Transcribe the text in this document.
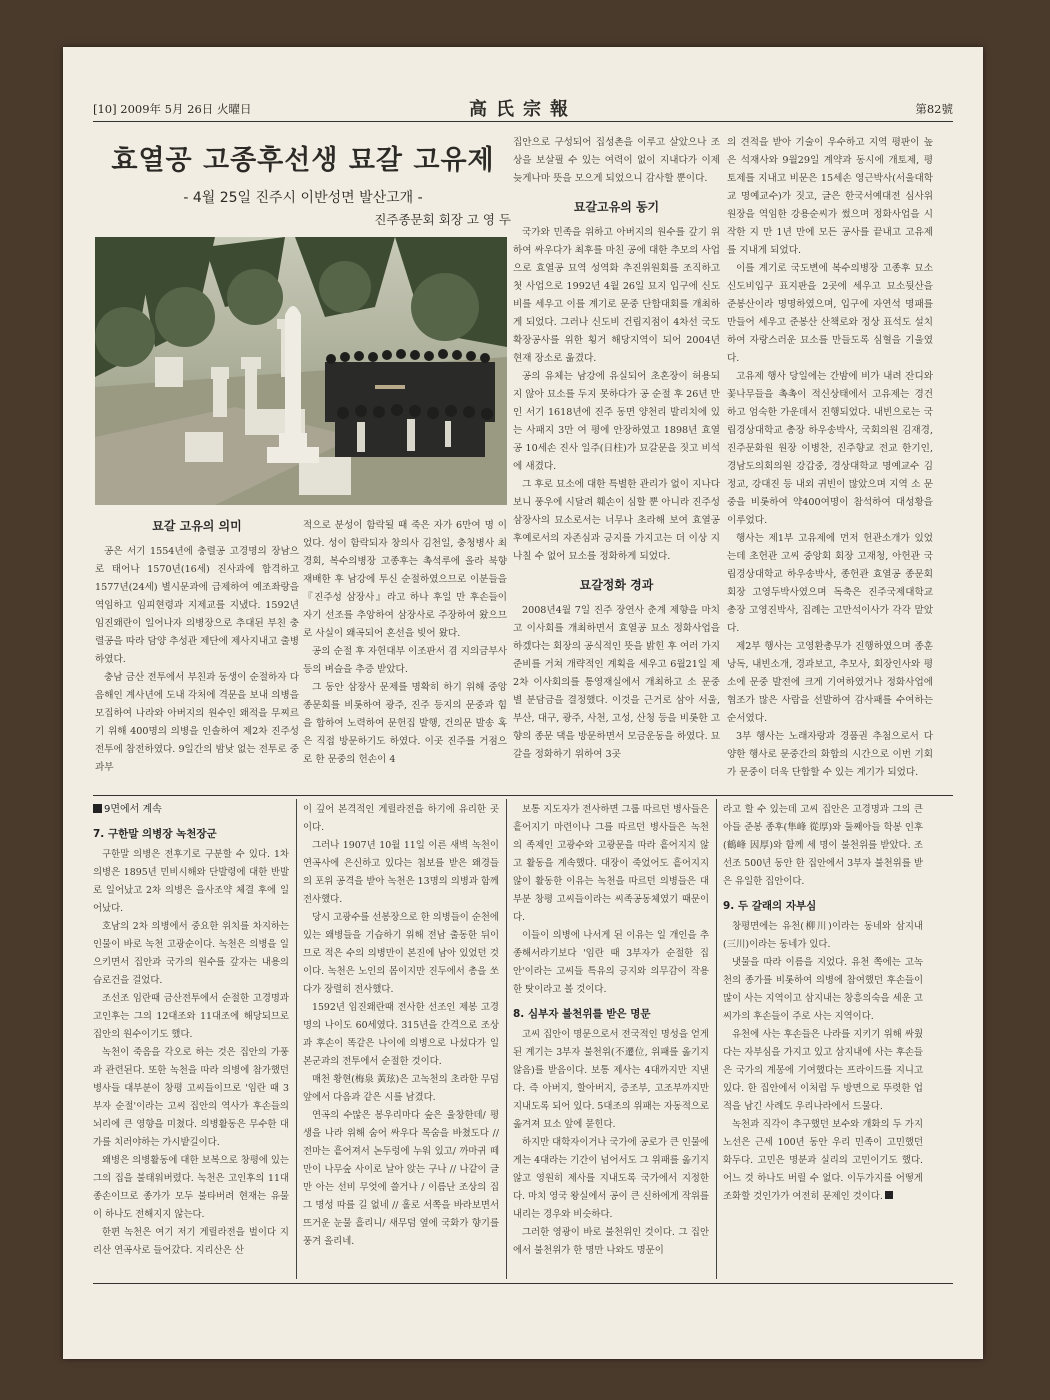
[10] 2009年 5月 26日 火曜日	高氏宗報	第82號
효열공 고종후선생 묘갈 고유제
- 4월 25일 진주시 이반성면 발산고개 -
진주종문회 회장 고 영 두
묘갈 고유의 의미

공은 서기 1554년에 충렬공 고경명의 장남으로 태어나 1570년(16세) 진사과에 합격하고 1577년(24세) 별시문과에 급제하여 예조좌랑을 역임하고 임피현령과 지제교를 지냈다. 1592년 임진왜란이 일어나자 의병장으로 추대된 부친 충렬공을 따라 담양 추성관 제단에 제사지내고 출병하였다.

충남 금산 전투에서 부친과 동생이 순절하자 다음해인 계사년에 도내 각처에 격문을 보내 의병을 모집하여 나라와 아버지의 원수인 왜적을 무찌르기 위해 400명의 의병을 인솔하여 제2차 진주성 전투에 참전하였다. 9일간의 밤낮 없는 전투로 중과부

적으로 분성이 함락될 때 죽은 자가 6만여 명 이었다. 성이 함락되자 창의사 김천일, 충청병사 최경회, 복수의병장 고종후는 촉석루에 올라 북향 재배한 후 남강에 투신 순절하였으므로 이분들을 『진주성 삼장사』라고 하나 후일 만 후손들이 자기 선조를 추앙하여 삼장사로 주장하여 왔으므로 사실이 왜곡되어 혼선을 빚어 왔다.

공의 순절 후 자헌대부 이조판서 겸 지의금부사 등의 벼슬을 추증 받았다.

그 동안 삼장사 문제를 명확히 하기 위해 중앙 종문회를 비롯하여 광주, 진주 등지의 문중과 힘을 합하여 노력하여 문헌집 발행, 건의문 발송 혹은 직접 방문하기도 하였다. 이곳 진주를 거점으로 한 문중의 헌손이 4

집안으로 구성되어 집성촌을 이루고 살았으나 조상을 보살필 수 있는 여력이 없이 지내다가 이제 늦게나마 뜻을 모으게 되었으니 감사할 뿐이다.

묘갈고유의 동기

국가와 민족을 위하고 아버지의 원수를 갚기 위하여 싸우다가 최후를 마친 공에 대한 추모의 사업으로 효열공 묘역 성역화 추진위원회를 조직하고 첫 사업으로 1992년 4월 26일 묘지 입구에 신도비를 세우고 이를 계기로 문중 단합대회를 개최하게 되었다. 그러나 신도비 건립지점이 4차선 국도 확장공사를 위한 횡거 해당지역이 되어 2004년 현재 장소로 옮겼다.

공의 유체는 남강에 유실되어 초혼장이 허용되지 않아 묘소를 두지 못하다가 공 순절 후 26년 만인 서기 1618년에 진주 동면 양천리 발리치에 있는 사패지 3만 여 평에 안장하였고 1898년 효열공 10세손 진사 일주(日柱)가 묘갈문을 짓고 비석에 새겼다.

그 후로 묘소에 대한 특별한 관리가 없이 지나다 보니 풍우에 시달려 훼손이 심할 뿐 아니라 진주성 삼장사의 묘소로서는 너무나 초라해 보여 효열공 후예로서의 자존심과 긍지를 가지고는 더 이상 지나칠 수 없어 묘소를 정화하게 되었다.

묘갈정화 경과

2008년4월 7일 진주 장연사 춘계 제향을 마치고 이사회를 개최하면서 효열공 묘소 정화사업을 하겠다는 회장의 공식적인 뜻을 밝힌 후 여러 가지 준비를 거쳐 개략적인 계획을 세우고 6월21일 제2차 이사회의를 통영재실에서 개최하고 소 문중 별 분담금을 결정했다. 이것을 근거로 삼아 서울, 부산, 대구, 광주, 사천, 고성, 산청 등을 비롯한 고향의 종문 댁을 방문하면서 모금운동을 하였다. 묘갈을 정화하기 위하여 3곳

의 견적을 받아 기술이 우수하고 지역 평판이 높은 석재사와 9월29일 계약과 동시에 개토제, 평토제를 지내고 비문은 15세손 영근박사(서울대학교 명예교수)가 짓고, 글은 한국서예대전 심사위원장을 역임한 강용순씨가 썼으며 정화사업을 시작한 지 만 1년 만에 모든 공사를 끝내고 고유제를 지내게 되었다.

이를 계기로 국도변에 복수의병장 고종후 묘소 신도비입구 표지판을 2곳에 세우고 묘소뒷산을 준봉산이라 명명하였으며, 입구에 자연석 명패를 만들어 세우고 준봉산 산책로와 정상 표석도 설치하여 자랑스러운 묘소를 만들도록 심혈을 기울였다.

고유제 행사 당일에는 간밤에 비가 내려 잔디와 꽃나무들을 촉촉이 적신상태에서 고유제는 경건하고 엄숙한 가운데서 진행되었다. 내빈으로는 국립경상대학교 총장 하우송박사, 국회의원 김재경, 진주문화원 원장 이병찬, 진주향교 전교 한기인, 경남도의회의원 강갑중, 경상대학교 명예교수 김정교, 강대진 등 내외 귀빈이 많았으며 지역 소 문중을 비롯하여 약400여명이 참석하여 대성황을 이루었다.

행사는 제1부 고유제에 먼저 헌관소개가 있었는데 초헌관 고씨 중앙회 회장 고재청, 아헌관 국립경상대학교 하우송박사, 종헌관 효열공 종문회 회장 고영두박사였으며 독축은 진주국제대학교 총장 고영진박사, 집례는 고만석이사가 각각 맡았다.

제2부 행사는 고영환총무가 진행하였으며 종훈 낭독, 내빈소개, 경과보고, 추모사, 회장인사와 평소에 문중 발전에 크게 기여하였거나 정화사업에 협조가 많은 사람을 선발하여 감사패를 수여하는 순서였다.

3부 행사는 노래자랑과 경품권 추첨으로서 다양한 행사로 문중간의 화합의 시간으로 이번 기회가 문중이 더욱 단합할 수 있는 계기가 되었다.

9면에서 계속
7. 구한말 의병장 녹천장군

구한말 의병은 전후기로 구분할 수 있다. 1차 의병은 1895년 민비시해와 단발령에 대한 반발로 일어났고 2차 의병은 을사조약 체결 후에 일어났다.

호남의 2차 의병에서 중요한 위치를 차지하는 인물이 바로 녹천 고광순이다. 녹천은 의병을 일으키면서 집안과 국가의 원수를 갚자는 내용의 습로건을 걸었다.

조선조 임란때 금산전투에서 순절한 고경명과 고인후는 그의 12대조와 11대조에 해당되므로 집안의 원수이기도 했다.

녹천이 죽음을 각오로 하는 것은 집안의 가풍과 관련된다. 또한 녹천을 따라 의병에 참가했던 병사들 대부분이 창평 고씨들이므로 '임란 때 3부자 순절'이라는 고씨 집안의 역사가 후손들의 뇌리에 큰 영향을 미쳤다. 의병활동은 무수한 대가를 치러야하는 가시밭길이다.

왜병은 의병활동에 대한 보복으로 창평에 있는 그의 집을 불태워버렸다. 녹천은 고인후의 11대 종손이므로 종가가 모두 불타버려 현재는 유물이 하나도 전해지지 않는다.

한편 녹천은 여기 저기 게릴라전을 벌이다 지리산 연곡사로 들어갔다. 지리산은 산

이 깊어 본격적인 게릴라전을 하기에 유리한 곳이다.

그러나 1907년 10월 11일 이른 새벽 녹천이 연곡사에 은신하고 있다는 첩보를 받은 왜경들의 포위 공격을 받아 녹천은 13명의 의병과 함께 전사했다.

당시 고광수를 선봉장으로 한 의병들이 순천에 있는 왜병들을 기습하기 위해 전남 출동한 뒤이므로 적은 수의 의병만이 본진에 남아 있었던 것이다. 녹천은 노인의 몸이지만 진두에서 총을 쏘다가 장렬히 전사했다.

1592년 임진왜란때 전사한 선조인 제봉 고경명의 나이도 60세였다. 315년을 간격으로 조상과 후손이 똑같은 나이에 의병으로 나섰다가 일본군과의 전투에서 순절한 것이다.

매천 황현(梅泉 黃玹)은 고녹천의 초라한 무덤 앞에서 다음과 같은 시를 남겼다.

연곡의 수많은 봉우리마다 숲은 울창한데/ 평생을 나라 위해 숨어 싸우다 목숨을 바쳤도다 // 전마는 흩어져서 논두렁에 누워 있고/ 까마귀 떼만이 나무숲 사이로 날아 앉는 구나 // 나같이 글만 아는 선비 무엇에 쓸거나 / 이름난 조상의 집 그 명성 따를 길 없네 // 홀로 서쪽을 바라보면서 뜨거운 눈물 흘리니/ 새무덤 옆에 국화가 향기를 풍겨 올리네.

보통 지도자가 전사하면 그룹 따르던 병사들은 흩어지기 마련이나 그를 따르던 병사들은 녹천의 족제인 고광수와 고광문을 따라 흩어지지 않고 활동을 계속했다. 대장이 죽었어도 흩어지지 않이 활동한 이유는 녹천을 따르던 의병들은 대부분 창평 고씨들이라는 씨족공동체였기 때문이다.

이들이 의병에 나서게 된 이유는 일 개인을 추종해서라기보다 '임란 때 3부자가 순절한 집안'이라는 고씨들 특유의 긍지와 의무감이 작용한 탓이라고 볼 것이다.

8. 심부자 불천위를 받은 명문

고씨 집안이 명문으로서 전국적인 명성을 얻게 된 계기는 3부자 불천위(不遷位, 위패를 옮기지 않음)를 받음이다. 보통 제사는 4대까지만 지낸다. 즉 아버지, 할아버지, 증조부, 고조부까지만 지내도록 되어 있다. 5대조의 위패는 자동적으로 옮겨져 묘소 앞에 묻힌다.

하지만 대학자이거나 국가에 공로가 큰 인물에게는 4대라는 기간이 넘어서도 그 위패를 옮기지 않고 영원히 제사를 지내도록 국가에서 지정한다. 마치 영국 왕실에서 공이 큰 신하에게 작위를 내리는 경우와 비슷하다.

그러한 영광이 바로 불천위인 것이다. 그 집안에서 불천위가 한 명만 나와도 명문이

라고 할 수 있는데 고씨 집안은 고경명과 그의 큰아들 준봉 종후(隼峰 從厚)와 둘째아들 학봉 인후(鶴峰 因厚)와 함께 세 명이 불천위를 받았다. 조선조 500년 동안 한 집안에서 3부자 불천위를 받은 유일한 집안이다.

9. 두 갈래의 자부심

창평면에는 유천(柳川)이라는 동네와 삼지내(三川)이라는 동네가 있다.

냇물을 따라 이름을 지었다. 유천 쪽에는 고녹천의 종가를 비롯하여 의병에 참여했던 후손들이 많이 사는 지역이고 삼지내는 창흥의숙을 세운 고씨가의 후손들이 주로 사는 지역이다.

유천에 사는 후손들은 나라를 지키기 위해 싸웠다는 자부심을 가지고 있고 삼지내에 사는 후손들은 국가의 계몽에 기여했다는 프라이드를 지니고 있다. 한 집안에서 이처럼 두 방면으로 뚜렷한 업적을 남긴 사례도 우리나라에서 드물다.

녹천과 직각이 추구했던 보수와 개화의 두 가지 노선은 근세 100년 동안 우리 민족이 고민했던 화두다. 고민은 명분과 실리의 고민이기도 했다. 어느 것 하나도 버릴 수 없다. 이두가지를 어떻게 조화할 것인가가 여전히 문제인 것이다.
